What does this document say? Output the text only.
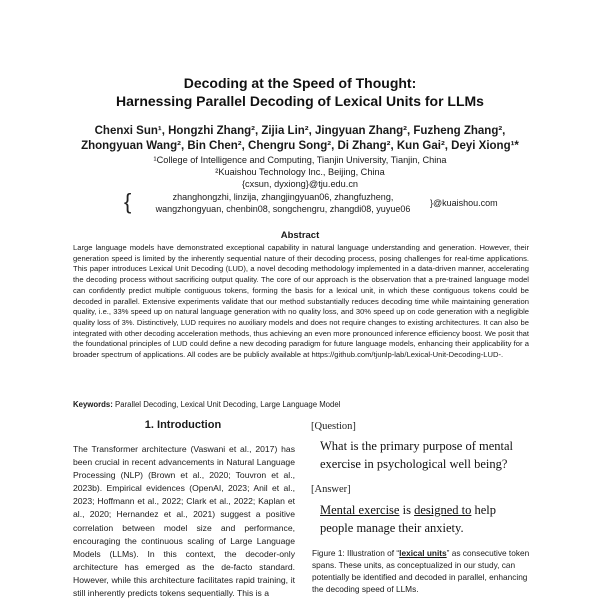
Decoding at the Speed of Thought:
Harnessing Parallel Decoding of Lexical Units for LLMs
Chenxi Sun¹, Hongzhi Zhang², Zijia Lin², Jingyuan Zhang², Fuzheng Zhang²,
Zhongyuan Wang², Bin Chen², Chengru Song², Di Zhang², Kun Gai², Deyi Xiong¹*
¹College of Intelligence and Computing, Tianjin University, Tianjin, China
²Kuaishou Technology Inc., Beijing, China
{cxsun, dyxiong}@tju.edu.cn
{	zhanghongzhi, linzija, zhangjingyuan06, zhangfuzheng,
wangzhongyuan, chenbin08, songchengru, zhangdi08, yuyue06
}@kuaishou.com
Abstract
Large language models have demonstrated exceptional capability in natural language understanding and generation. However, their generation speed is limited by the inherently sequential nature of their decoding process, posing challenges for real-time applications. This paper introduces Lexical Unit Decoding (LUD), a novel decoding methodology implemented in a data-driven manner, accelerating the decoding process without sacrificing output quality. The core of our approach is the observation that a pre-trained language model can confidently predict multiple contiguous tokens, forming the basis for a lexical unit, in which these contiguous tokens could be decoded in parallel. Extensive experiments validate that our method substantially reduces decoding time while maintaining generation quality, i.e., 33% speed up on natural language generation with no quality loss, and 30% speed up on code generation with a negligible quality loss of 3%. Distinctively, LUD requires no auxiliary models and does not require changes to existing architectures. It can also be integrated with other decoding acceleration methods, thus achieving an even more pronounced inference efficiency boost. We posit that the foundational principles of LUD could define a new decoding paradigm for future language models, enhancing their applicability for a broader spectrum of applications. All codes are be publicly available at https://github.com/tjunlp-lab/Lexical-Unit-Decoding-LUD-.
Keywords: Parallel Decoding, Lexical Unit Decoding, Large Language Model
1. Introduction
The Transformer architecture (Vaswani et al., 2017) has been crucial in recent advancements in Natural Language Processing (NLP) (Brown et al., 2020; Touvron et al., 2023b). Empirical evidences (OpenAI, 2023; Anil et al., 2023; Hoffmann et al., 2022; Clark et al., 2022; Kaplan et al., 2020; Hernandez et al., 2021) suggest a positive correlation between model size and performance, encouraging the continuous scaling of Large Language Models (LLMs). In this context, the decoder-only architecture has emerged as the de-facto standard. However, while this architecture facilitates rapid training, it still inherently predicts tokens sequentially. This is a
[Question]
What is the primary purpose of mental
exercise in psychological well being?
[Answer]
Mental exercise is designed to help
people manage their anxiety.
Figure 1: Illustration of “lexical units” as consecutive token spans. These units, as conceptualized in our study, can potentially be identified and decoded in parallel, enhancing the decoding speed of LLMs.
